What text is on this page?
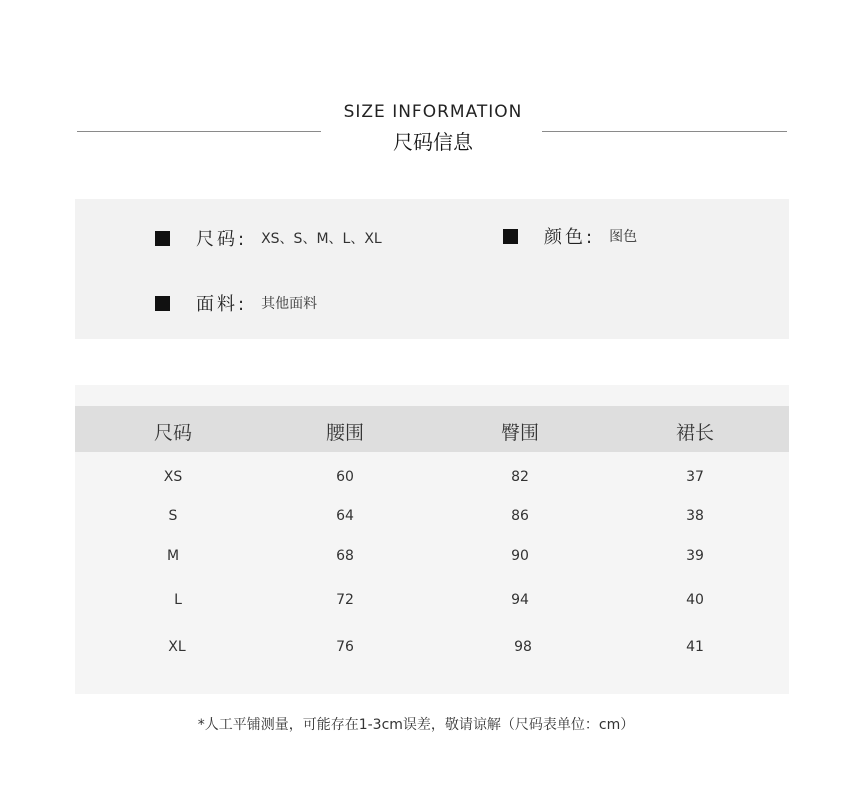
SIZE INFORMATION
尺码信息
尺码: XS、S、M、L、XL	颜色: 图色
面料: 其他面料
尺码	腰围	臀围	裙长
XS	60	82	37
S	64	86	38
M	68	90	39
L	72	94	40
XL	76	98	41
*人工平铺测量，可能存在1-3cm误差，敬请谅解（尺码表单位：cm）
